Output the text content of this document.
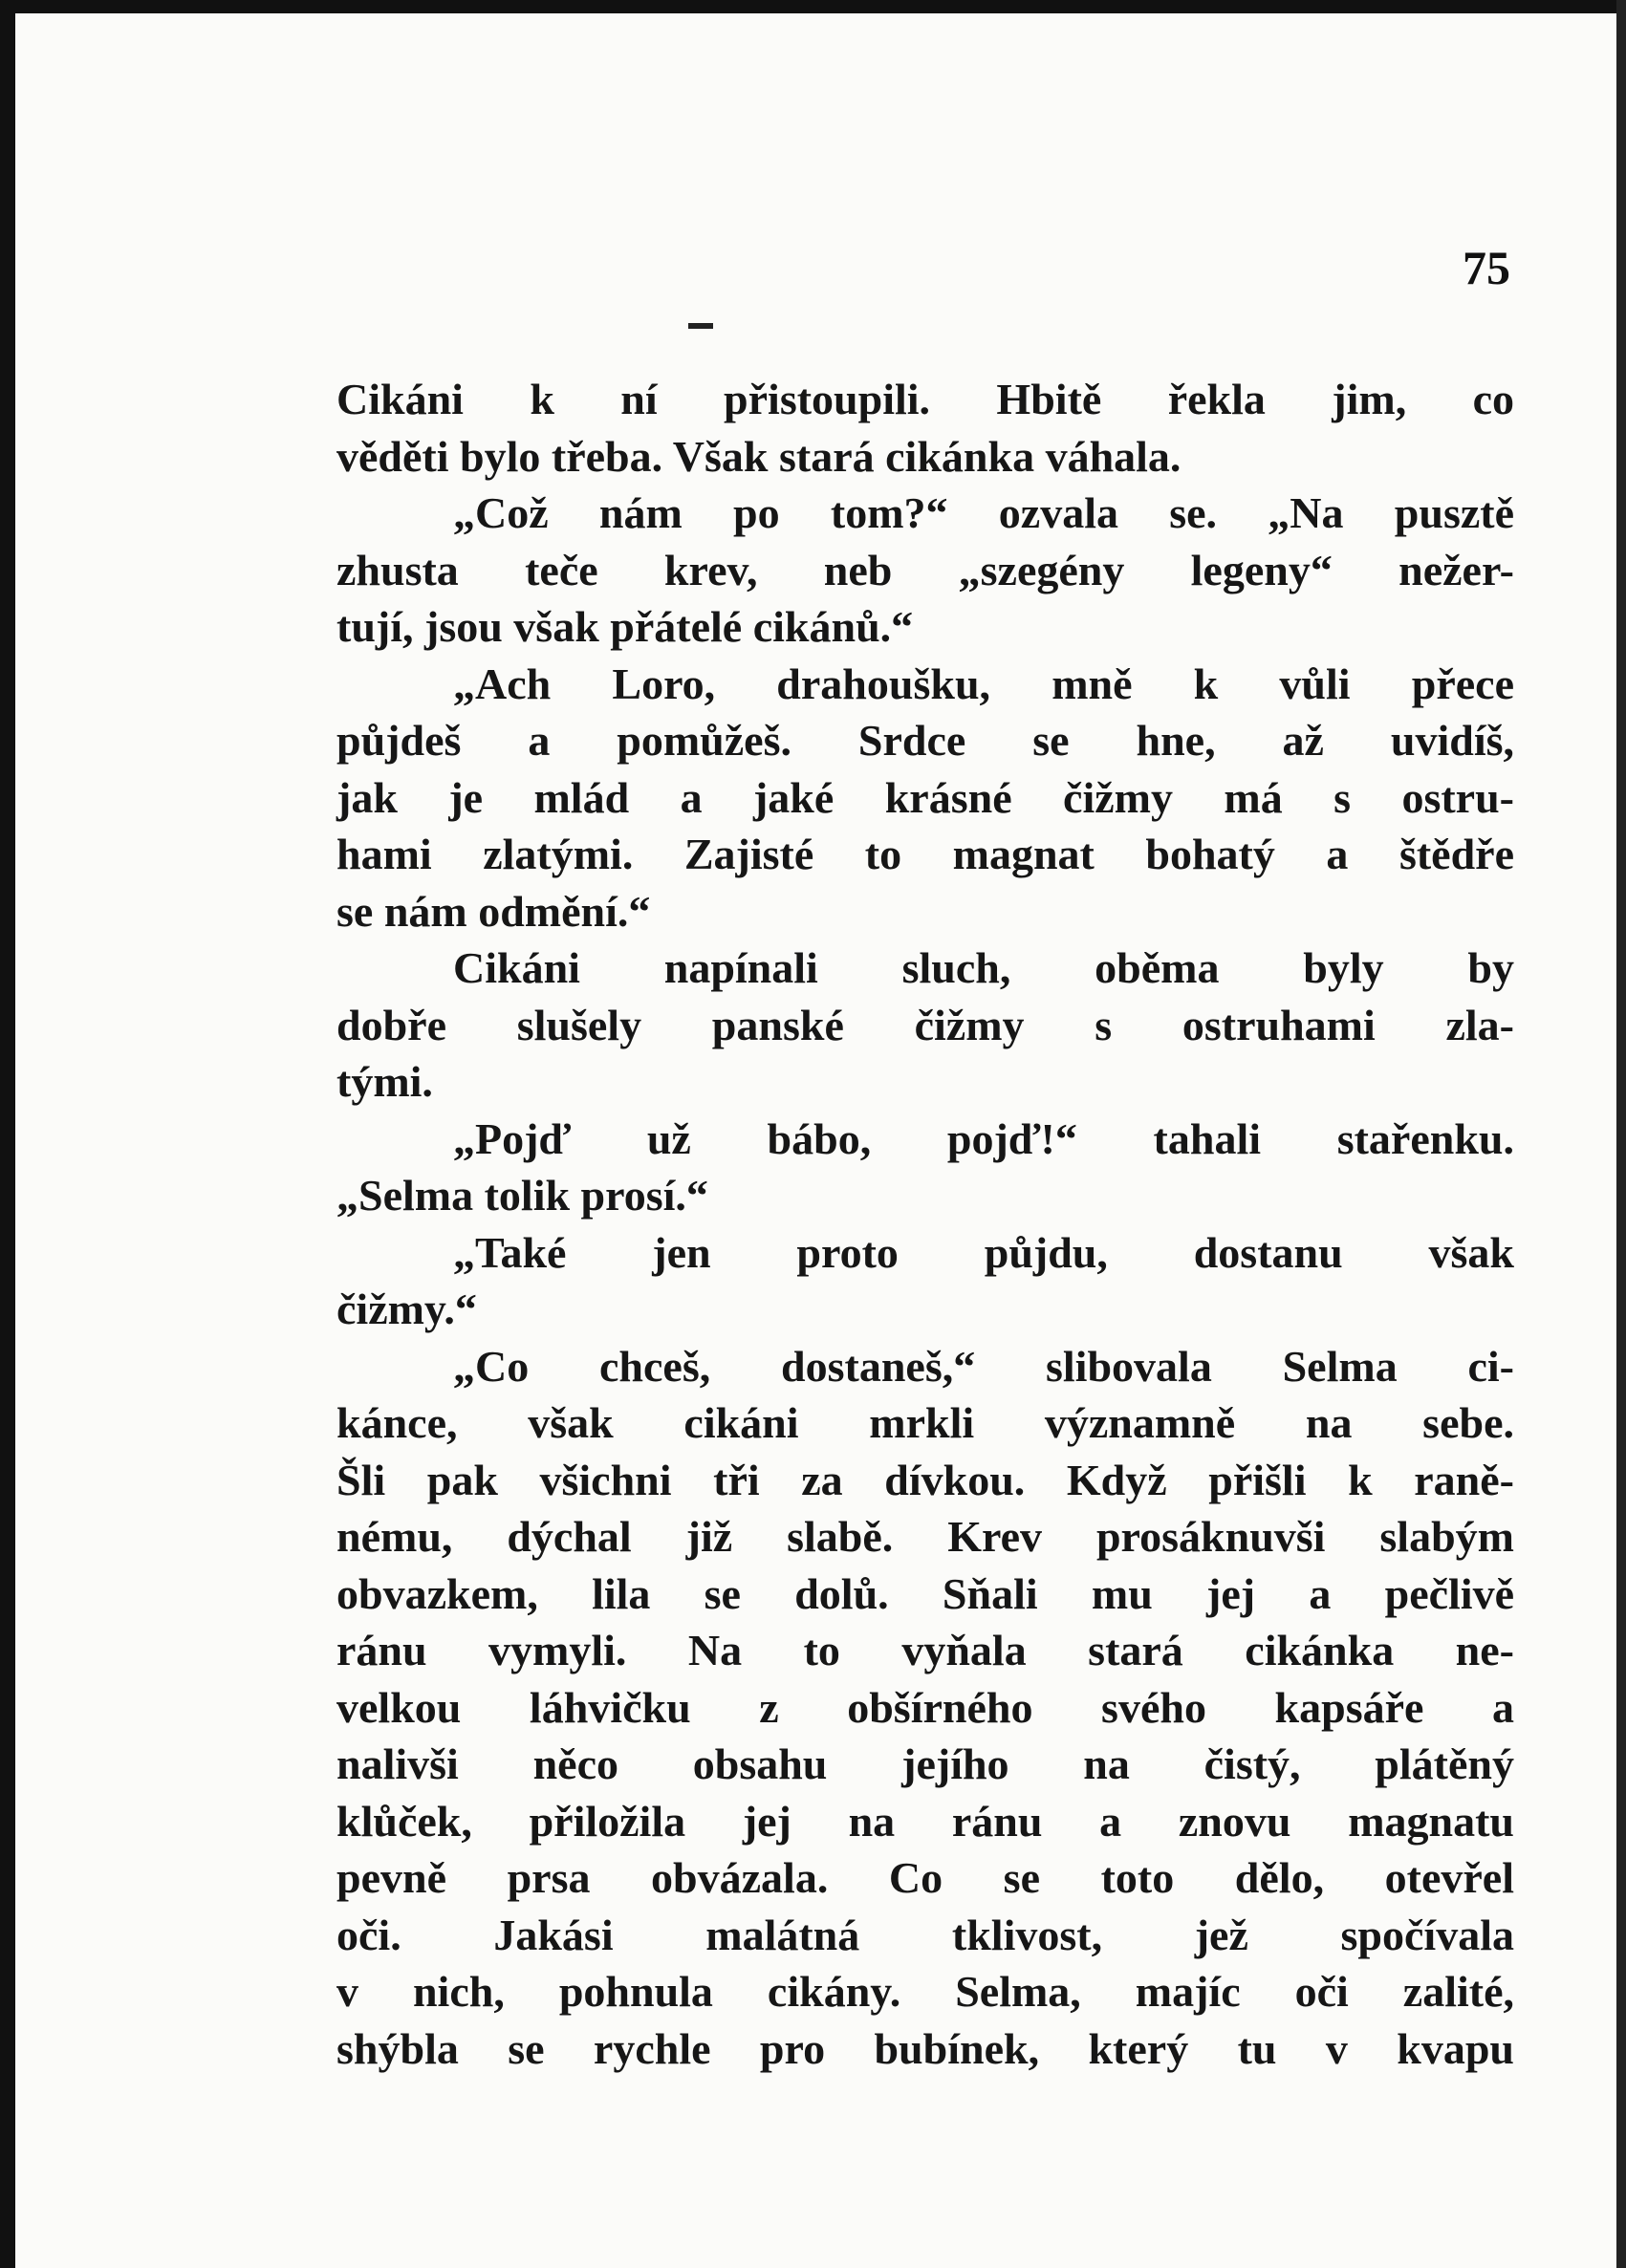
75
Cikáni k ní přistoupili. Hbitě řekla jim, co
věděti bylo třeba. Však stará cikánka váhala.
„Což nám po tom?“ ozvala se. „Na pusztě
zhusta teče krev, neb „szegény legeny“ nežer-
tují, jsou však přátelé cikánů.“
„Ach Loro, drahoušku, mně k vůli přece
půjdeš a pomůžeš. Srdce se hne, až uvidíš,
jak je mlád a jaké krásné čižmy má s ostru-
hami zlatými. Zajisté to magnat bohatý a štědře
se nám odmění.“
Cikáni napínali sluch, oběma byly by
dobře slušely panské čižmy s ostruhami zla-
tými.
„Pojď už bábo, pojď!“ tahali stařenku.
„Selma tolik prosí.“
„Také jen proto půjdu, dostanu však
čižmy.“
„Co chceš, dostaneš,“ slibovala Selma ci-
kánce, však cikáni mrkli významně na sebe.
Šli pak všichni tři za dívkou. Když přišli k raně-
nému, dýchal již slabě. Krev prosáknuvši slabým
obvazkem, lila se dolů. Sňali mu jej a pečlivě
ránu vymyli. Na to vyňala stará cikánka ne-
velkou láhvičku z obšírného svého kapsáře a
nalivši něco obsahu jejího na čistý, plátěný
klůček, přiložila jej na ránu a znovu magnatu
pevně prsa obvázala. Co se toto dělo, otevřel
oči. Jakási malátná tklivost, jež spočívala
v nich, pohnula cikány. Selma, majíc oči zalité,
shýbla se rychle pro bubínek, který tu v kvapu
